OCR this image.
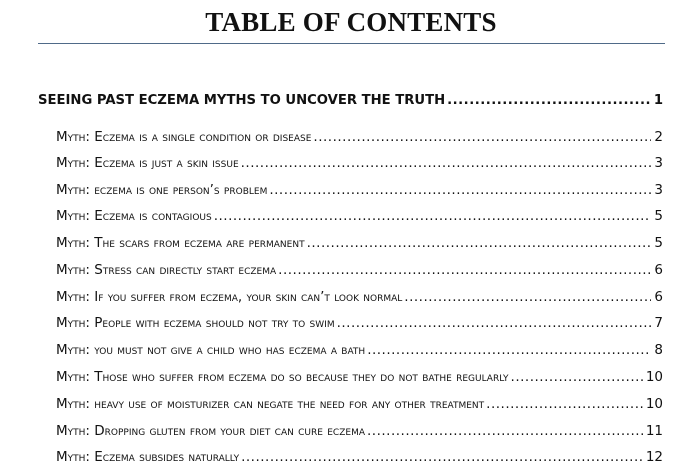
TABLE OF CONTENTS
SEEING PAST ECZEMA MYTHS TO UNCOVER THE TRUTH .....	1
Myth: Eczema is a single condition or disease .....	2
Myth: Eczema is just a skin issue .....	3
Myth: eczema is one person’s problem .....	3
Myth: Eczema is contagious .....	5
Myth: The scars from eczema are permanent .....	5
Myth: Stress can directly start eczema .....	6
Myth: If you suffer from eczema, your skin can’t look normal .....	6
Myth: People with eczema should not try to swim .....	7
Myth: you must not give a child who has eczema a bath .....	8
Myth: Those who suffer from eczema do so because they do not bathe regularly .....	10
Myth: heavy use of moisturizer can negate the need for any other treatment .....	10
Myth: Dropping gluten from your diet can cure eczema .....	11
Myth: Eczema subsides naturally .....	12
